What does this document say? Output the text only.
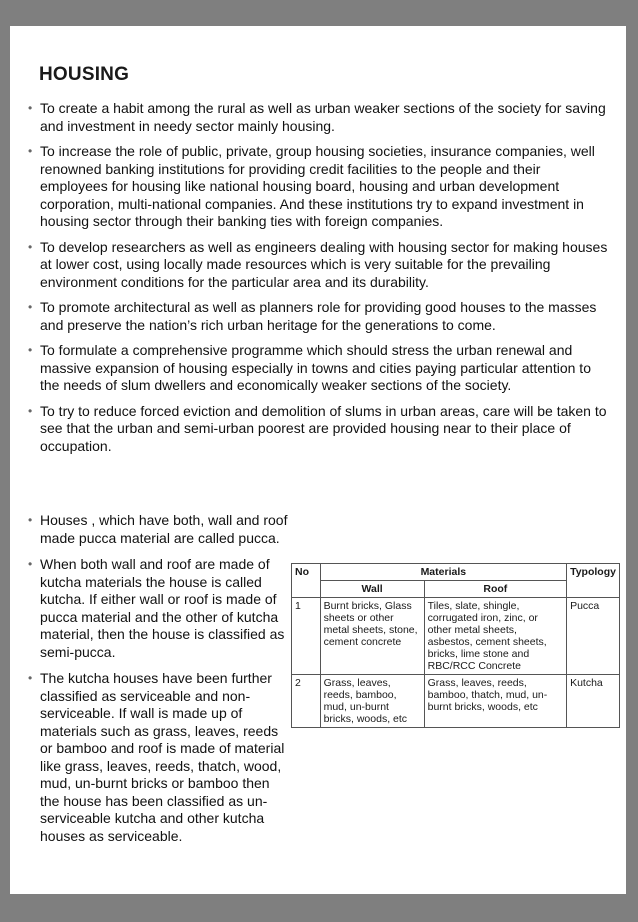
HOUSING
• To create a habit among the rural as well as urban weaker sections of the society for saving and investment in needy sector mainly housing.
• To increase the role of public, private, group housing societies, insurance companies, well renowned banking institutions for providing credit facilities to the people and their employees for housing like national housing board, housing and urban development corporation, multi-national companies. And these institutions try to expand investment in housing sector through their banking ties with foreign companies.
• To develop researchers as well as engineers dealing with housing sector for making houses at lower cost, using locally made resources which is very suitable for the prevailing environment conditions for the particular area and its durability.
• To promote architectural as well as planners role for providing good houses to the masses and preserve the nation’s rich urban heritage for the generations to come.
• To formulate a comprehensive programme which should stress the urban renewal and massive expansion of housing especially in towns and cities paying particular attention to the needs of slum dwellers and economically weaker sections of the society.
• To try to reduce forced eviction and demolition of slums in urban areas, care will be taken to see that the urban and semi-urban poorest are provided housing near to their place of occupation.
• Houses , which have both, wall and roof made pucca material are called pucca.
• When both wall and roof are made of kutcha materials the house is called kutcha. If either wall or roof is made of pucca material and the other of kutcha material, then the house is classified as semi-pucca.
• The kutcha houses have been further classified as serviceable and non-serviceable. If wall is made up of materials such as grass, leaves, reeds or bamboo and roof is made of material like grass, leaves, reeds, thatch, wood, mud, un-burnt bricks or bamboo then the house has been classified as un-serviceable kutcha and other kutcha houses as serviceable.
No	Materials		Typology
	Wall	Roof	
1	Burnt bricks, Glass sheets or other metal sheets, stone, cement concrete	Tiles, slate, shingle, corrugated iron, zinc, or other metal sheets, asbestos, cement sheets, bricks, lime stone and RBC/RCC Concrete	Pucca
2	Grass, leaves, reeds, bamboo, mud, un-burnt bricks, woods, etc	Grass, leaves, reeds, bamboo, thatch, mud, un-burnt bricks, woods, etc	Kutcha
